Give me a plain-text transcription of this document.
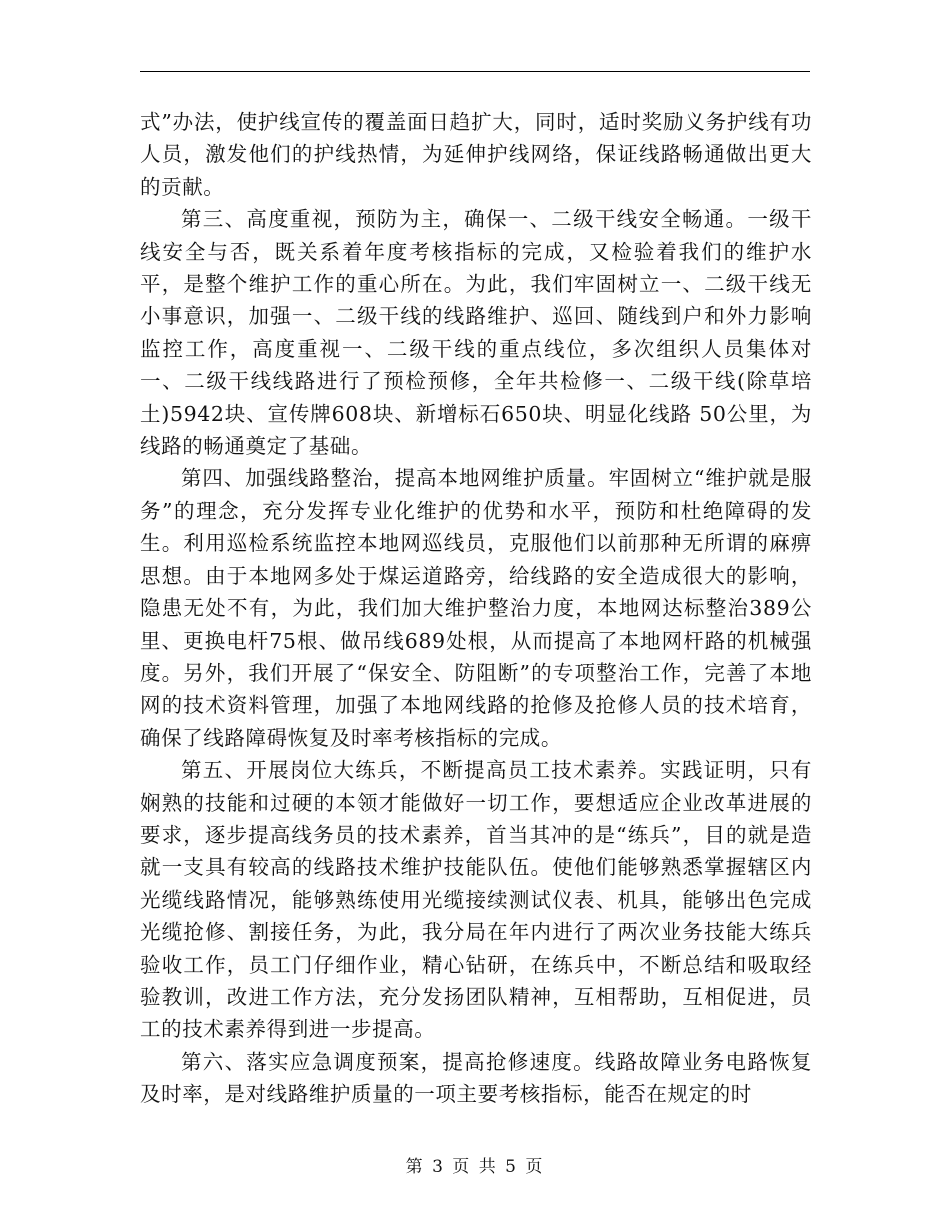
式”办法，使护线宣传的覆盖面日趋扩大，同时，适时奖励义务护线有功人员，激发他们的护线热情，为延伸护线网络，保证线路畅通做出更大的贡献。

第三、高度重视，预防为主，确保一、二级干线安全畅通。一级干线安全与否，既关系着年度考核指标的完成，又检验着我们的维护水平，是整个维护工作的重心所在。为此，我们牢固树立一、二级干线无小事意识，加强一、二级干线的线路维护、巡回、随线到户和外力影响监控工作，高度重视一、二级干线的重点线位，多次组织人员集体对一、二级干线线路进行了预检预修，全年共检修一、二级干线(除草培土)5942块、宣传牌608块、新增标石650块、明显化线路 50公里，为线路的畅通奠定了基础。

第四、加强线路整治，提高本地网维护质量。牢固树立“维护就是服务”的理念，充分发挥专业化维护的优势和水平，预防和杜绝障碍的发生。利用巡检系统监控本地网巡线员，克服他们以前那种无所谓的麻痹思想。由于本地网多处于煤运道路旁，给线路的安全造成很大的影响，隐患无处不有，为此，我们加大维护整治力度，本地网达标整治389公里、更换电杆75根、做吊线689处根，从而提高了本地网杆路的机械强度。另外，我们开展了“保安全、防阻断”的专项整治工作，完善了本地网的技术资料管理，加强了本地网线路的抢修及抢修人员的技术培育，确保了线路障碍恢复及时率考核指标的完成。

第五、开展岗位大练兵，不断提高员工技术素养。实践证明，只有娴熟的技能和过硬的本领才能做好一切工作，要想适应企业改革进展的要求，逐步提高线务员的技术素养，首当其冲的是“练兵”，目的就是造就一支具有较高的线路技术维护技能队伍。使他们能够熟悉掌握辖区内光缆线路情况，能够熟练使用光缆接续测试仪表、机具，能够出色完成光缆抢修、割接任务，为此，我分局在年内进行了两次业务技能大练兵验收工作，员工门仔细作业，精心钻研，在练兵中，不断总结和吸取经验教训，改进工作方法，充分发扬团队精神，互相帮助，互相促进，员工的技术素养得到进一步提高。

第六、落实应急调度预案，提高抢修速度。线路故障业务电路恢复及时率，是对线路维护质量的一项主要考核指标，能否在规定的时

第 3 页 共 5 页
